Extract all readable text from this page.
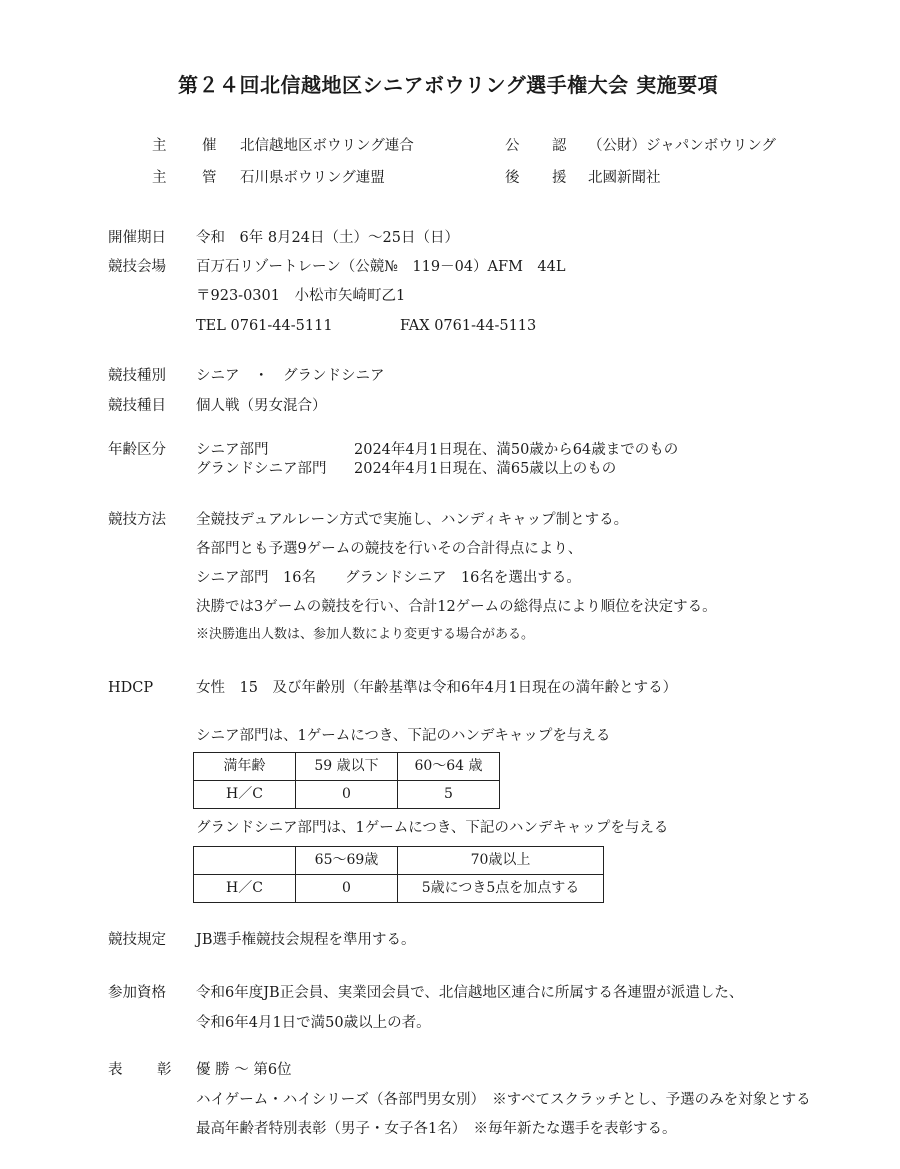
第２４回北信越地区シニアボウリング選手権大会 実施要項
主 催 北信越地区ボウリング連合	公 認 （公財）ジャパンボウリング
主 管 石川県ボウリング連盟	後 援 北國新聞社
開催期日 令和　6年 8月24日（土）～25日（日）
競技会場 百万石リゾートレーン（公競№　119－04）AFM　44L
〒923-0301　小松市矢崎町乙1
TEL 0761-44-5111	FAX 0761-44-5113
競技種別 シニア　・　グランドシニア
競技種目 個人戦（男女混合）
年齢区分 シニア部門	2024年4月1日現在、満50歳から64歳までのもの
グランドシニア部門 2024年4月1日現在、満65歳以上のもの
競技方法 全競技デュアルレーン方式で実施し、ハンディキャップ制とする。
各部門とも予選9ゲームの競技を行いその合計得点により、
シニア部門　16名　　グランドシニア　16名を選出する。
決勝では3ゲームの競技を行い、合計12ゲームの総得点により順位を決定する。
※決勝進出人数は、参加人数により変更する場合がある。
HDCP	女性　15　及び年齢別（年齢基準は令和6年4月1日現在の満年齢とする）
シニア部門は、1ゲームにつき、下記のハンデキャップを与える
満年齢	59 歳以下	60～64 歳
H／C	0	5
グランドシニア部門は、1ゲームにつき、下記のハンデキャップを与える
	65～69歳	70歳以上
H／C	0	5歳につき5点を加点する
競技規定 JB選手権競技会規程を準用する。
参加資格 令和6年度JB正会員、実業団会員で、北信越地区連合に所属する各連盟が派遣した、
令和6年4月1日で満50歳以上の者。
表 彰 優 勝 ～ 第6位
ハイゲーム・ハイシリーズ（各部門男女別）　※すべてスクラッチとし、予選のみを対象とする
最高年齢者特別表彰（男子・女子各1名）　※毎年新たな選手を表彰する。
